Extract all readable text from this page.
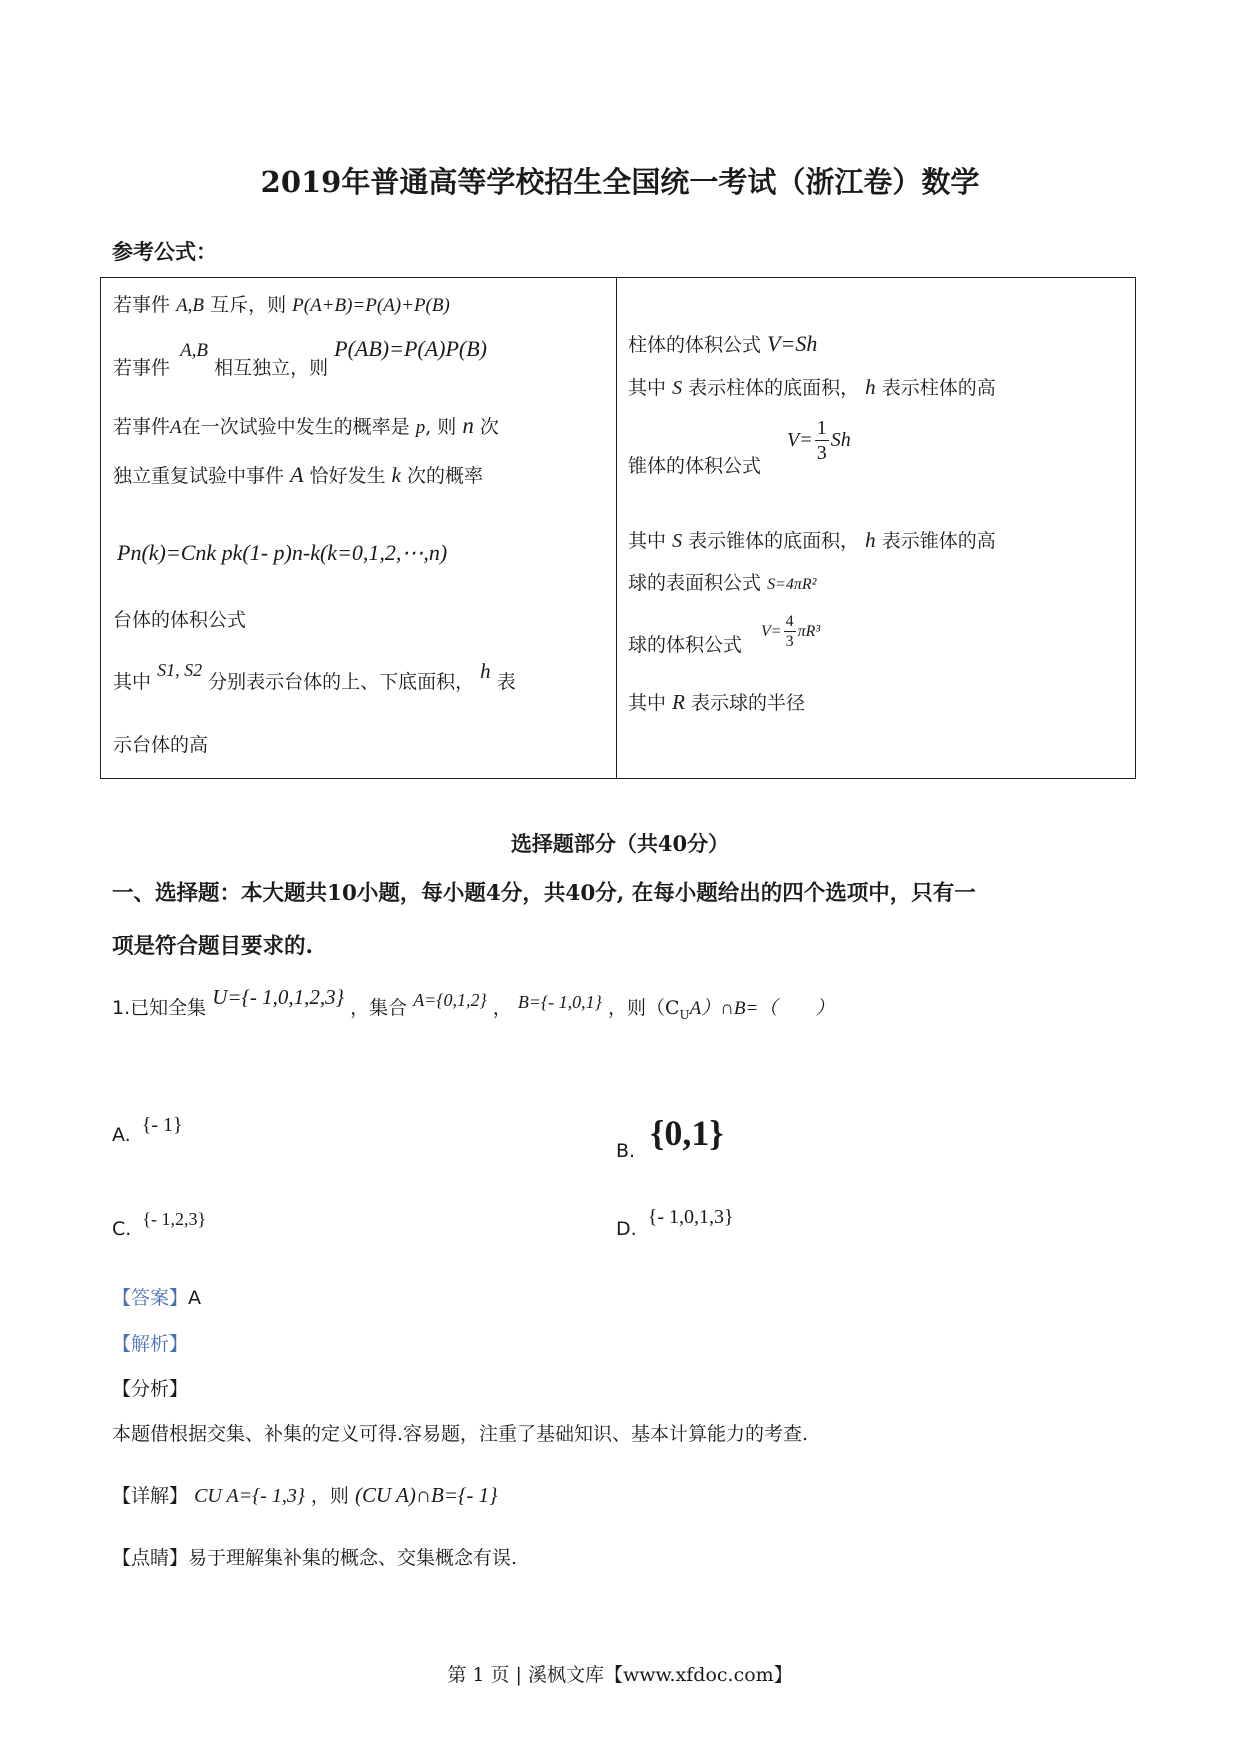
2019年普通高等学校招生全国统一考试（浙江卷）数学
参考公式：
若事件 A,B 互斥，则 P(A+B)=P(A)+P(B)
若事件 A,B 相互独立，则 P(AB)=P(A)P(B)
若事件A在一次试验中发生的概率是 p, 则 n 次
独立重复试验中事件 A 恰好发生 k 次的概率
Pn(k)=Cnk pk(1- p)n-k(k=0,1,2,⋯,n)
台体的体积公式
其中 S1, S2 分别表示台体的上、下底面积， h 表
示台体的高
柱体的体积公式 V=Sh
其中 S 表示柱体的底面积， h 表示柱体的高
锥体的体积公式
$V= \frac{1}{3}$ Sh
其中 S 表示锥体的底面积， h 表示锥体的高
球的表面积公式 S=4πR²
球的体积公式
$V= \frac{4}{3} \pi R^3$
其中 R 表示球的半径
选择题部分（共40分）
一、选择题：本大题共10小题，每小题4分，共40分, 在每小题给出的四个选项中，只有一
项是符合题目要求的.
1.已知全集 U={- 1,0,1,2,3} ，集合 A={0,1,2} ， B={- 1,0,1} ，则$(C_UA)\cap B=$（　　）
A. {- 1}
B. {0,1}
C. {- 1,2,3}	D. {- 1,0,1,3}
【答案】A
【解析】
【分析】
本题借根据交集、补集的定义可得.容易题，注重了基础知识、基本计算能力的考查.
【详解】 CU A={- 1,3} ，则 (CU A)∩B={- 1}
【点睛】易于理解集补集的概念、交集概念有误.
第 1 页 | 溪枫文库【www.xfdoc.com】
